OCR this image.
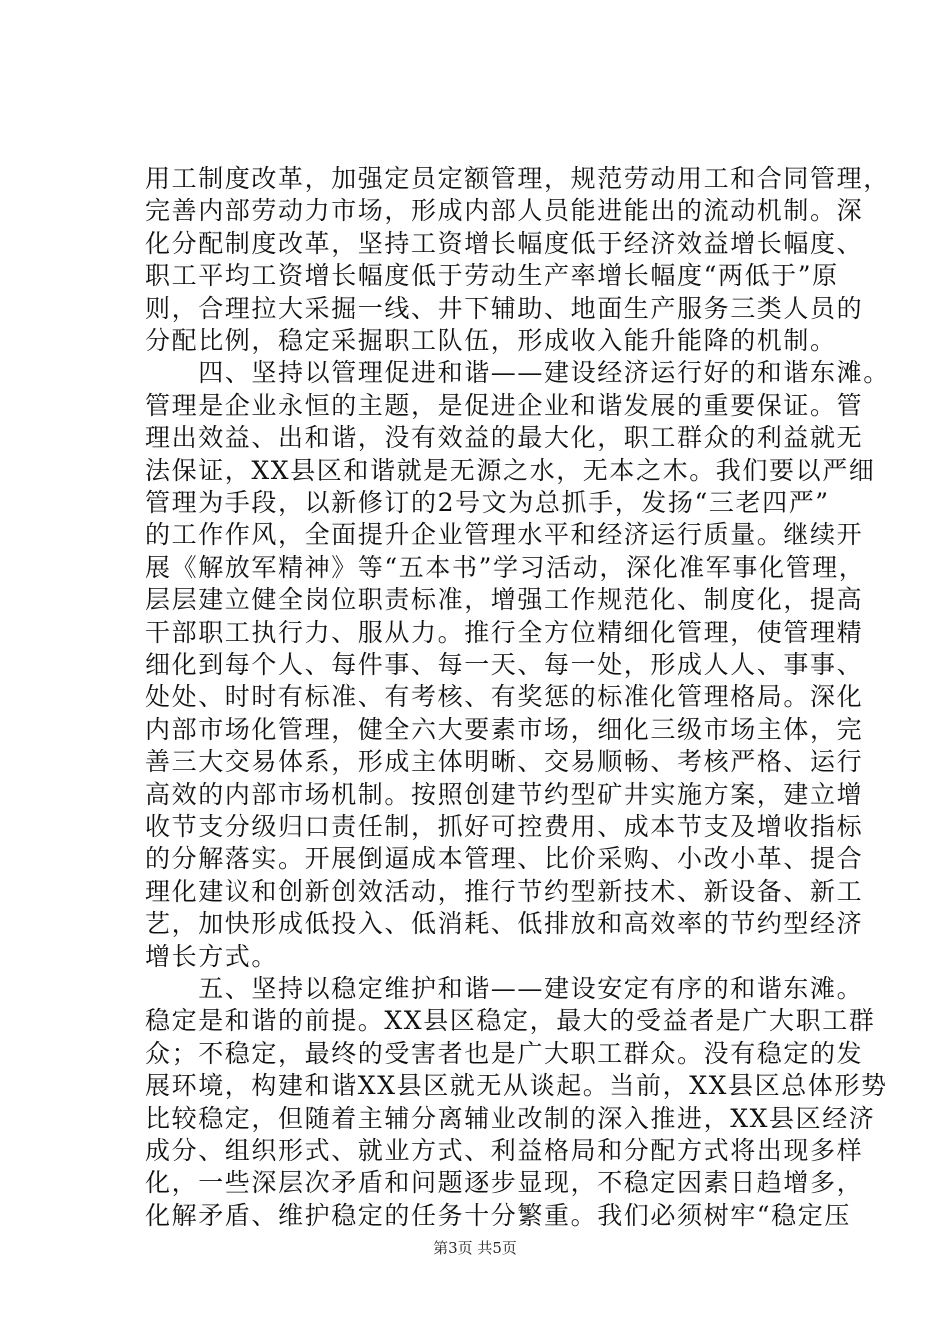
用工制度改革，加强定员定额管理，规范劳动用工和合同管理，
完善内部劳动力市场，形成内部人员能进能出的流动机制。深
化分配制度改革，坚持工资增长幅度低于经济效益增长幅度、
职工平均工资增长幅度低于劳动生产率增长幅度“两低于”原
则，合理拉大采掘一线、井下辅助、地面生产服务三类人员的
分配比例，稳定采掘职工队伍，形成收入能升能降的机制。
　　四、坚持以管理促进和谐——建设经济运行好的和谐东滩。
管理是企业永恒的主题，是促进企业和谐发展的重要保证。管
理出效益、出和谐，没有效益的最大化，职工群众的利益就无
法保证，XX县区和谐就是无源之水，无本之木。我们要以严细
管理为手段，以新修订的2号文为总抓手，发扬“三老四严”
的工作作风，全面提升企业管理水平和经济运行质量。继续开
展《解放军精神》等“五本书”学习活动，深化准军事化管理，
层层建立健全岗位职责标准，增强工作规范化、制度化，提高
干部职工执行力、服从力。推行全方位精细化管理，使管理精
细化到每个人、每件事、每一天、每一处，形成人人、事事、
处处、时时有标准、有考核、有奖惩的标准化管理格局。深化
内部市场化管理，健全六大要素市场，细化三级市场主体，完
善三大交易体系，形成主体明晰、交易顺畅、考核严格、运行
高效的内部市场机制。按照创建节约型矿井实施方案，建立增
收节支分级归口责任制，抓好可控费用、成本节支及增收指标
的分解落实。开展倒逼成本管理、比价采购、小改小革、提合
理化建议和创新创效活动，推行节约型新技术、新设备、新工
艺，加快形成低投入、低消耗、低排放和高效率的节约型经济
增长方式。
　　五、坚持以稳定维护和谐——建设安定有序的和谐东滩。
稳定是和谐的前提。XX县区稳定，最大的受益者是广大职工群
众；不稳定，最终的受害者也是广大职工群众。没有稳定的发
展环境，构建和谐XX县区就无从谈起。当前，XX县区总体形势
比较稳定，但随着主辅分离辅业改制的深入推进，XX县区经济
成分、组织形式、就业方式、利益格局和分配方式将出现多样
化，一些深层次矛盾和问题逐步显现，不稳定因素日趋增多，
化解矛盾、维护稳定的任务十分繁重。我们必须树牢“稳定压
第3页 共5页
